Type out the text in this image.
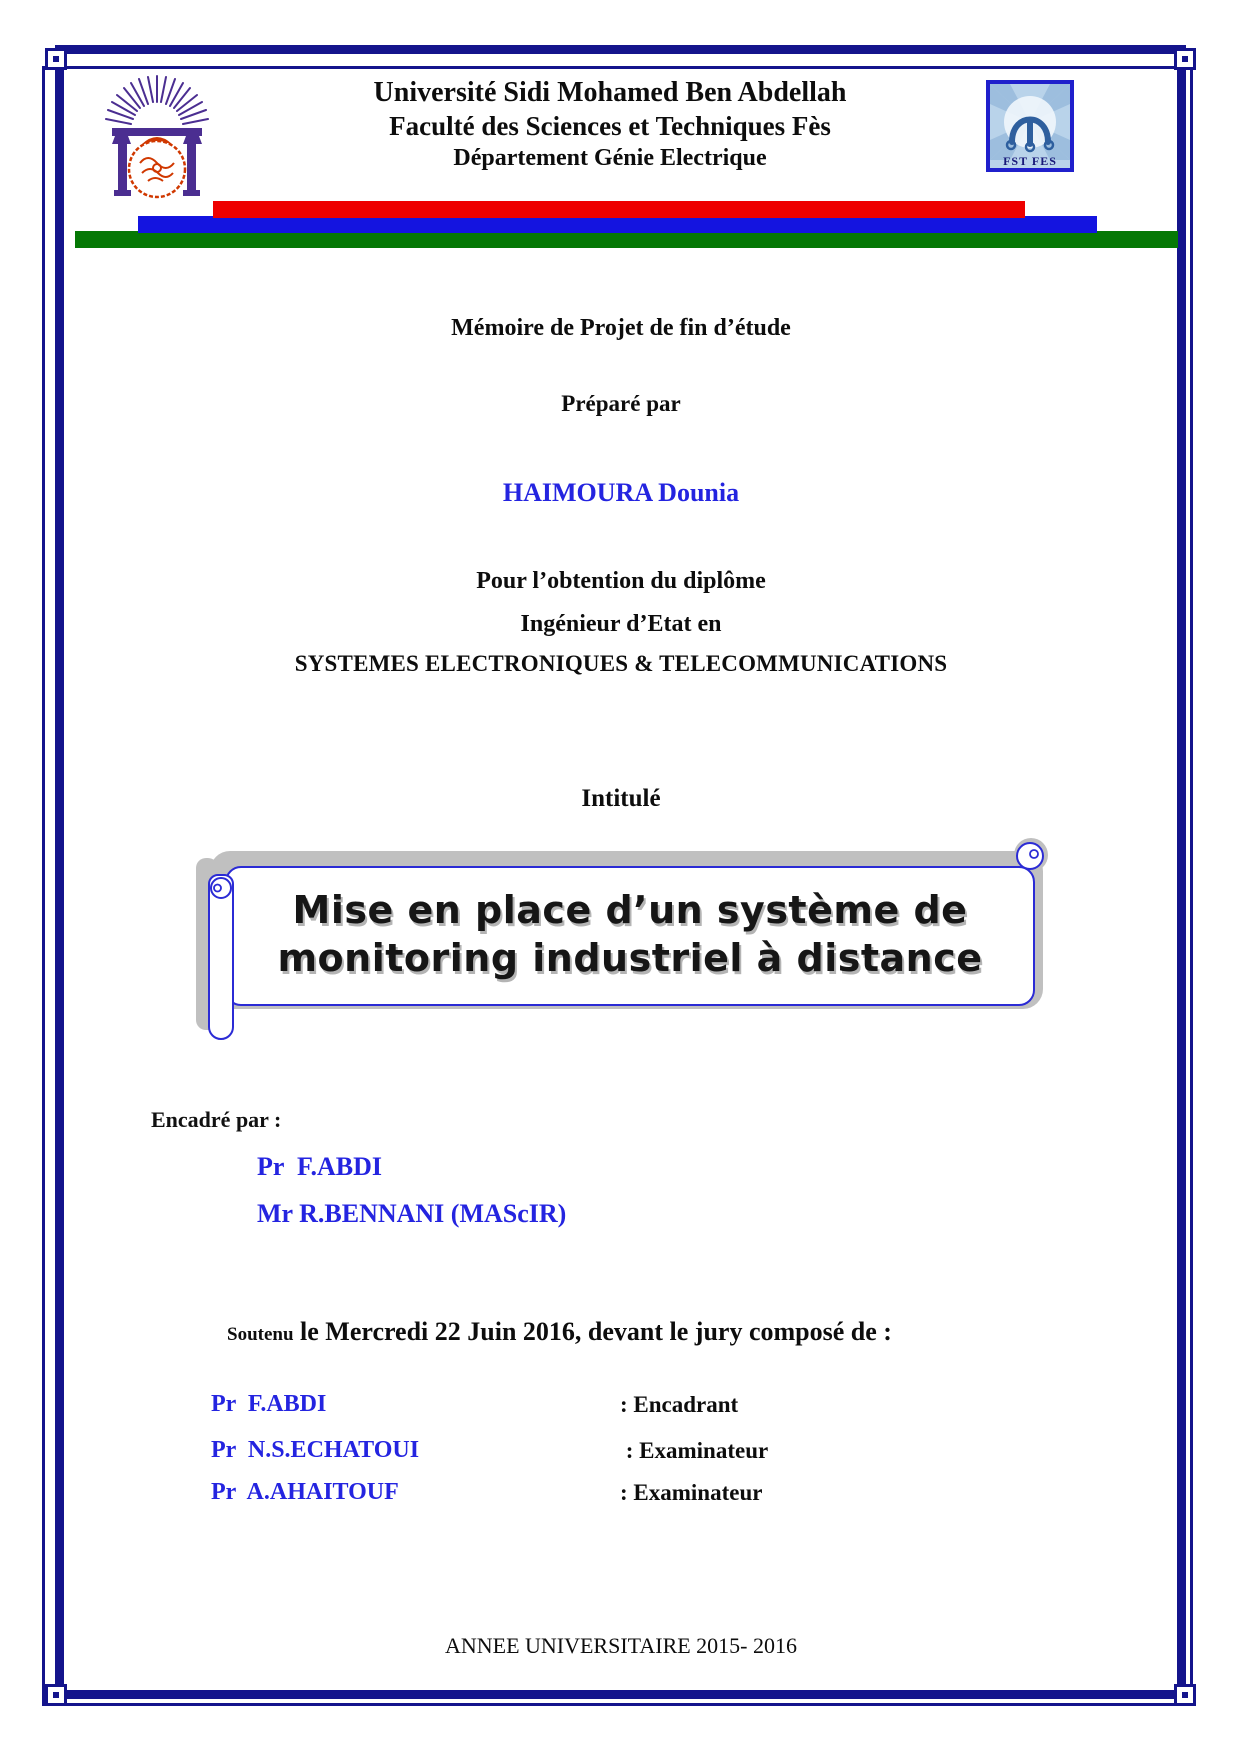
Université Sidi Mohamed Ben Abdellah
Faculté des Sciences et Techniques Fès
Département Génie Electrique	FST FES
Mémoire de Projet de fin d’étude
Préparé par
HAIMOURA Dounia
Pour l’obtention du diplôme
Ingénieur d’Etat en
SYSTEMES ELECTRONIQUES & TELECOMMUNICATIONS
Intitulé
Mise en place d’un système de
monitoring industriel à distance
Encadré par :
Pr  F.ABDI
Mr R.BENNANI (MAScIR)

Soutenu le Mercredi 22 Juin 2016, devant le jury composé de :

Pr  F.ABDI	: Encadrant
Pr  N.S.ECHATOUI	: Examinateur
Pr  A.AHAITOUF	: Examinateur
ANNEE UNIVERSITAIRE 2015- 2016
